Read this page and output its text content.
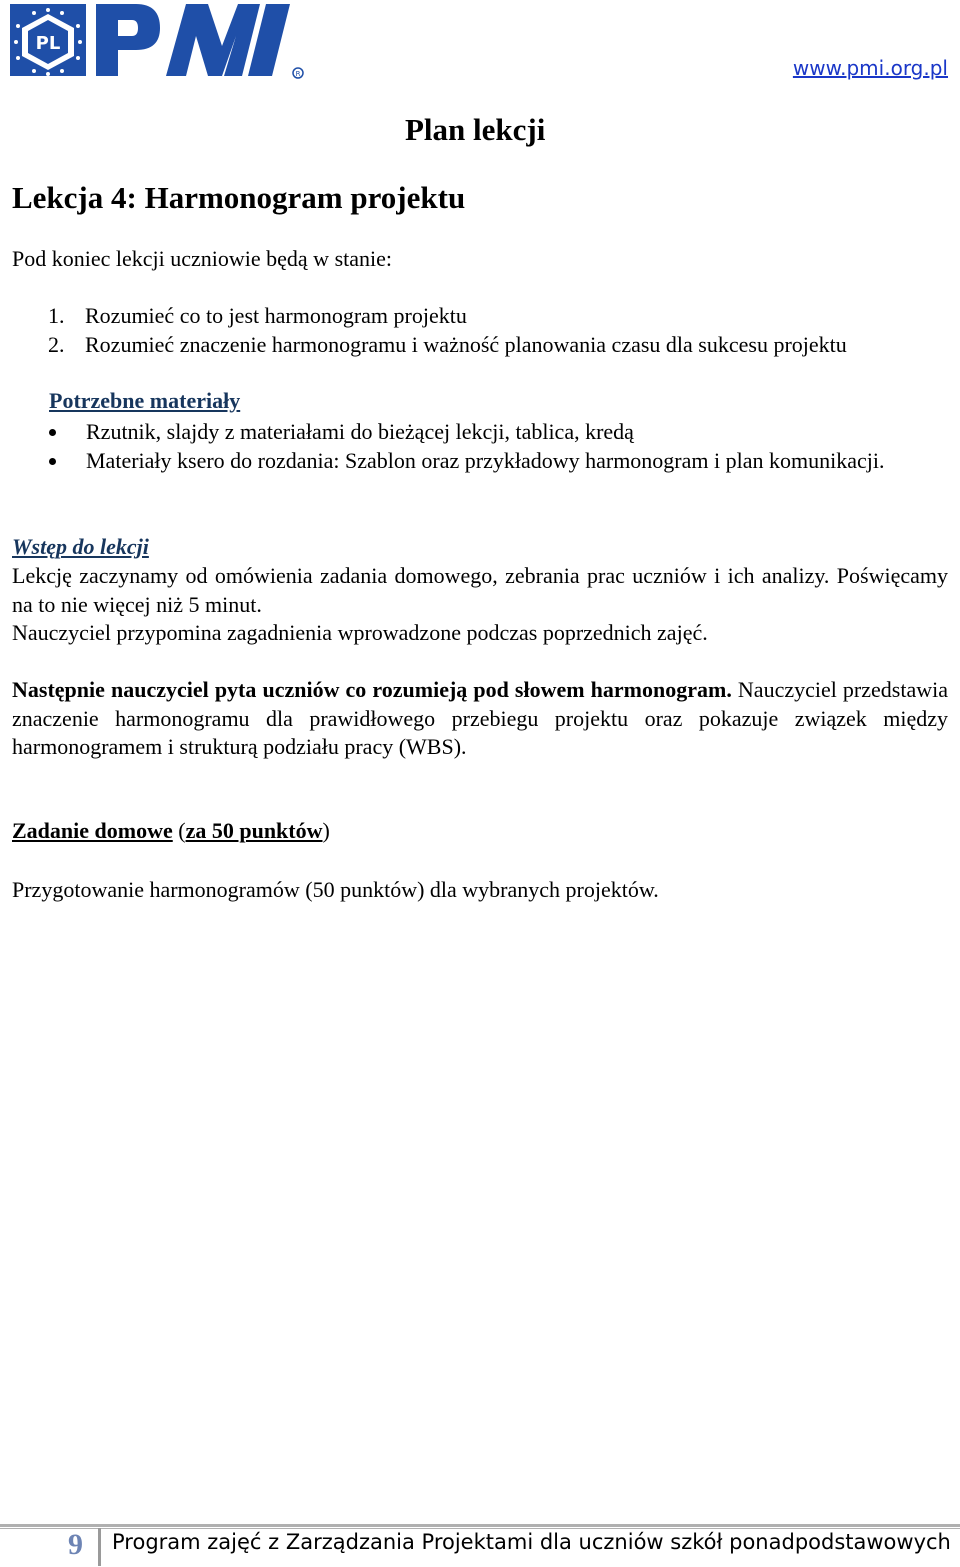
PL
R	www.pmi.org.pl
Plan lekcji
Lekcja 4: Harmonogram projektu
Pod koniec lekcji uczniowie będą w stanie:
1. Rozumieć co to jest harmonogram projektu
2. Rozumieć znaczenie harmonogramu i ważność planowania czasu dla sukcesu projektu
Potrzebne materiały
Rzutnik, slajdy z materiałami do bieżącej lekcji, tablica, kredą
Materiały ksero do rozdania: Szablon oraz przykładowy harmonogram i plan komunikacji.
Wstęp do lekcji

Lekcję zaczynamy od omówienia zadania domowego, zebrania prac uczniów i ich analizy. Poświęcamy na to nie więcej niż 5 minut.

Nauczyciel przypomina zagadnienia wprowadzone podczas poprzednich zajęć.

Następnie nauczyciel pyta uczniów co rozumieją pod słowem harmonogram. Nauczyciel przedstawia znaczenie harmonogramu dla prawidłowego przebiegu projektu oraz pokazuje związek między harmonogramem i strukturą podziału pracy (WBS).
Zadanie domowe (za 50 punktów)
Przygotowanie harmonogramów (50 punktów) dla wybranych projektów.
9 Program zajęć z Zarządzania Projektami dla uczniów szkół ponadpodstawowych
